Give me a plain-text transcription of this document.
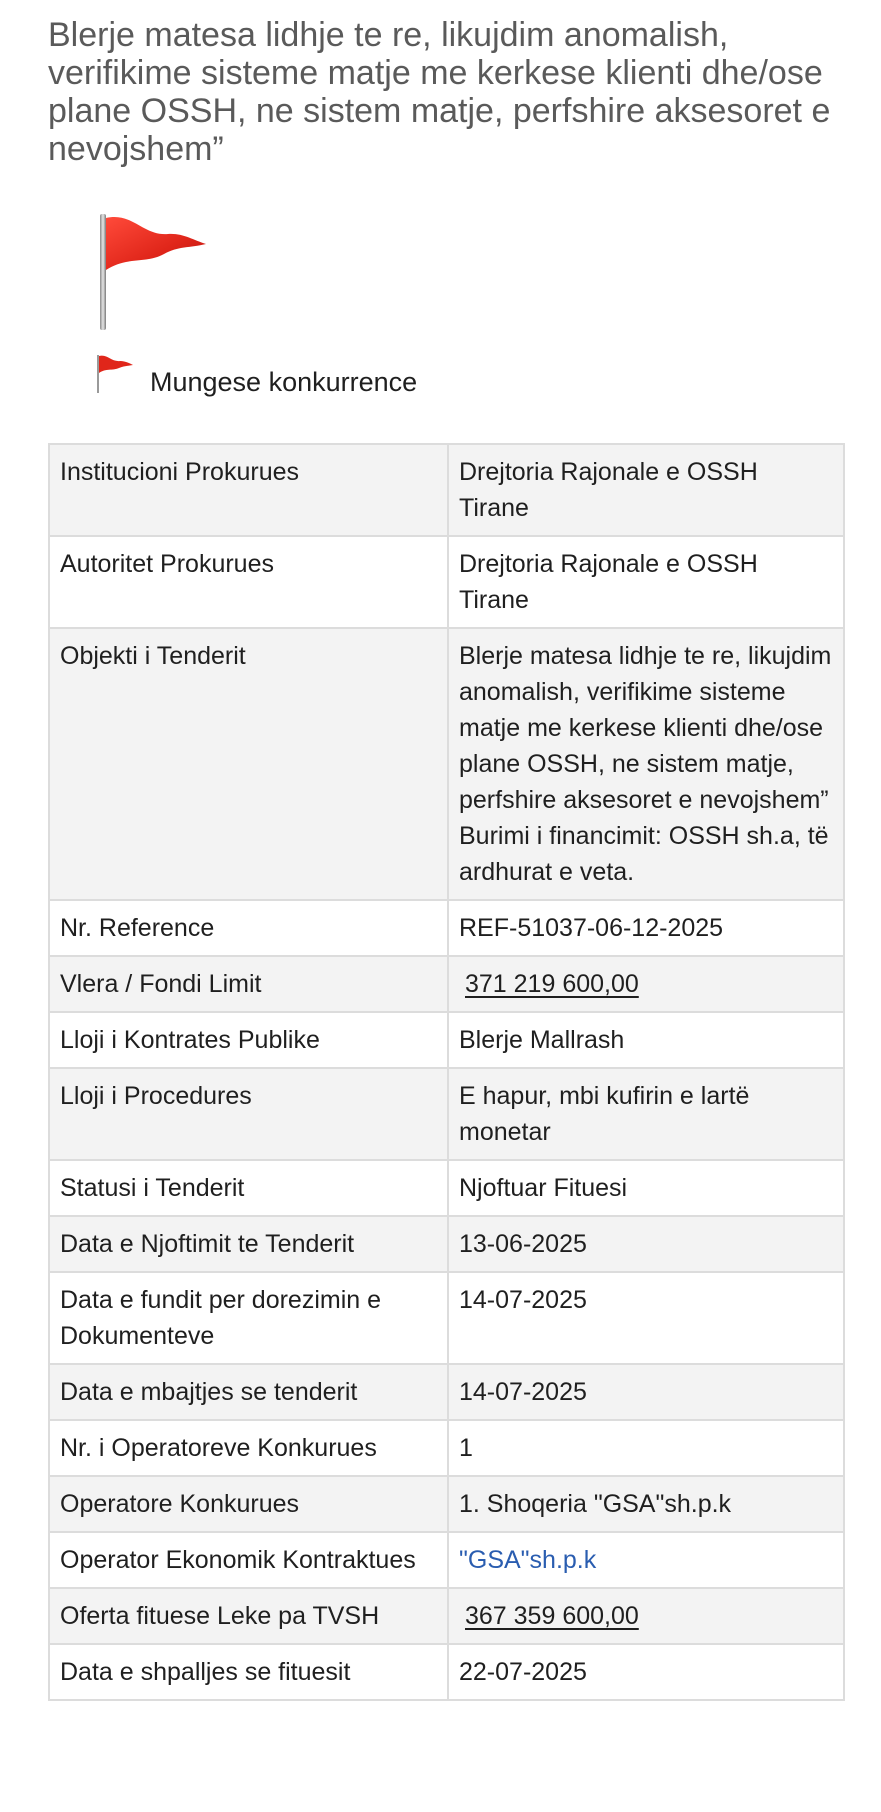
Blerje matesa lidhje te re, likujdim anomalish, verifikime sisteme matje me kerkese klienti dhe/ose plane OSSH, ne sistem matje, perfshire aksesoret e nevojshem”
Mungese konkurrence
Institucioni Prokurues	Drejtoria Rajonale e OSSH Tirane
Autoritet Prokurues	Drejtoria Rajonale e OSSH Tirane
Objekti i Tenderit	Blerje matesa lidhje te re, likujdim anomalish, verifikime sisteme matje me kerkese klienti dhe/ose plane OSSH, ne sistem matje, perfshire aksesoret e nevojshem”
Burimi i financimit: OSSH sh.a, të ardhurat e veta.

Nr. Reference	REF-51037-06-12-2025
Vlera / Fondi Limit	371 219 600,00
Lloji i Kontrates Publike	Blerje Mallrash
Lloji i Procedures	E hapur, mbi kufirin e lartë monetar
Statusi i Tenderit	Njoftuar Fituesi
Data e Njoftimit te Tenderit	13-06-2025
Data e fundit per dorezimin e Dokumenteve	14-07-2025
Data e mbajtjes se tenderit	14-07-2025
Nr. i Operatoreve Konkurues	1
Operatore Konkurues	1. Shoqeria "GSA"sh.p.k
Operator Ekonomik Kontraktues	"GSA"sh.p.k
Oferta fituese Leke pa TVSH	367 359 600,00
Data e shpalljes se fituesit	22-07-2025
